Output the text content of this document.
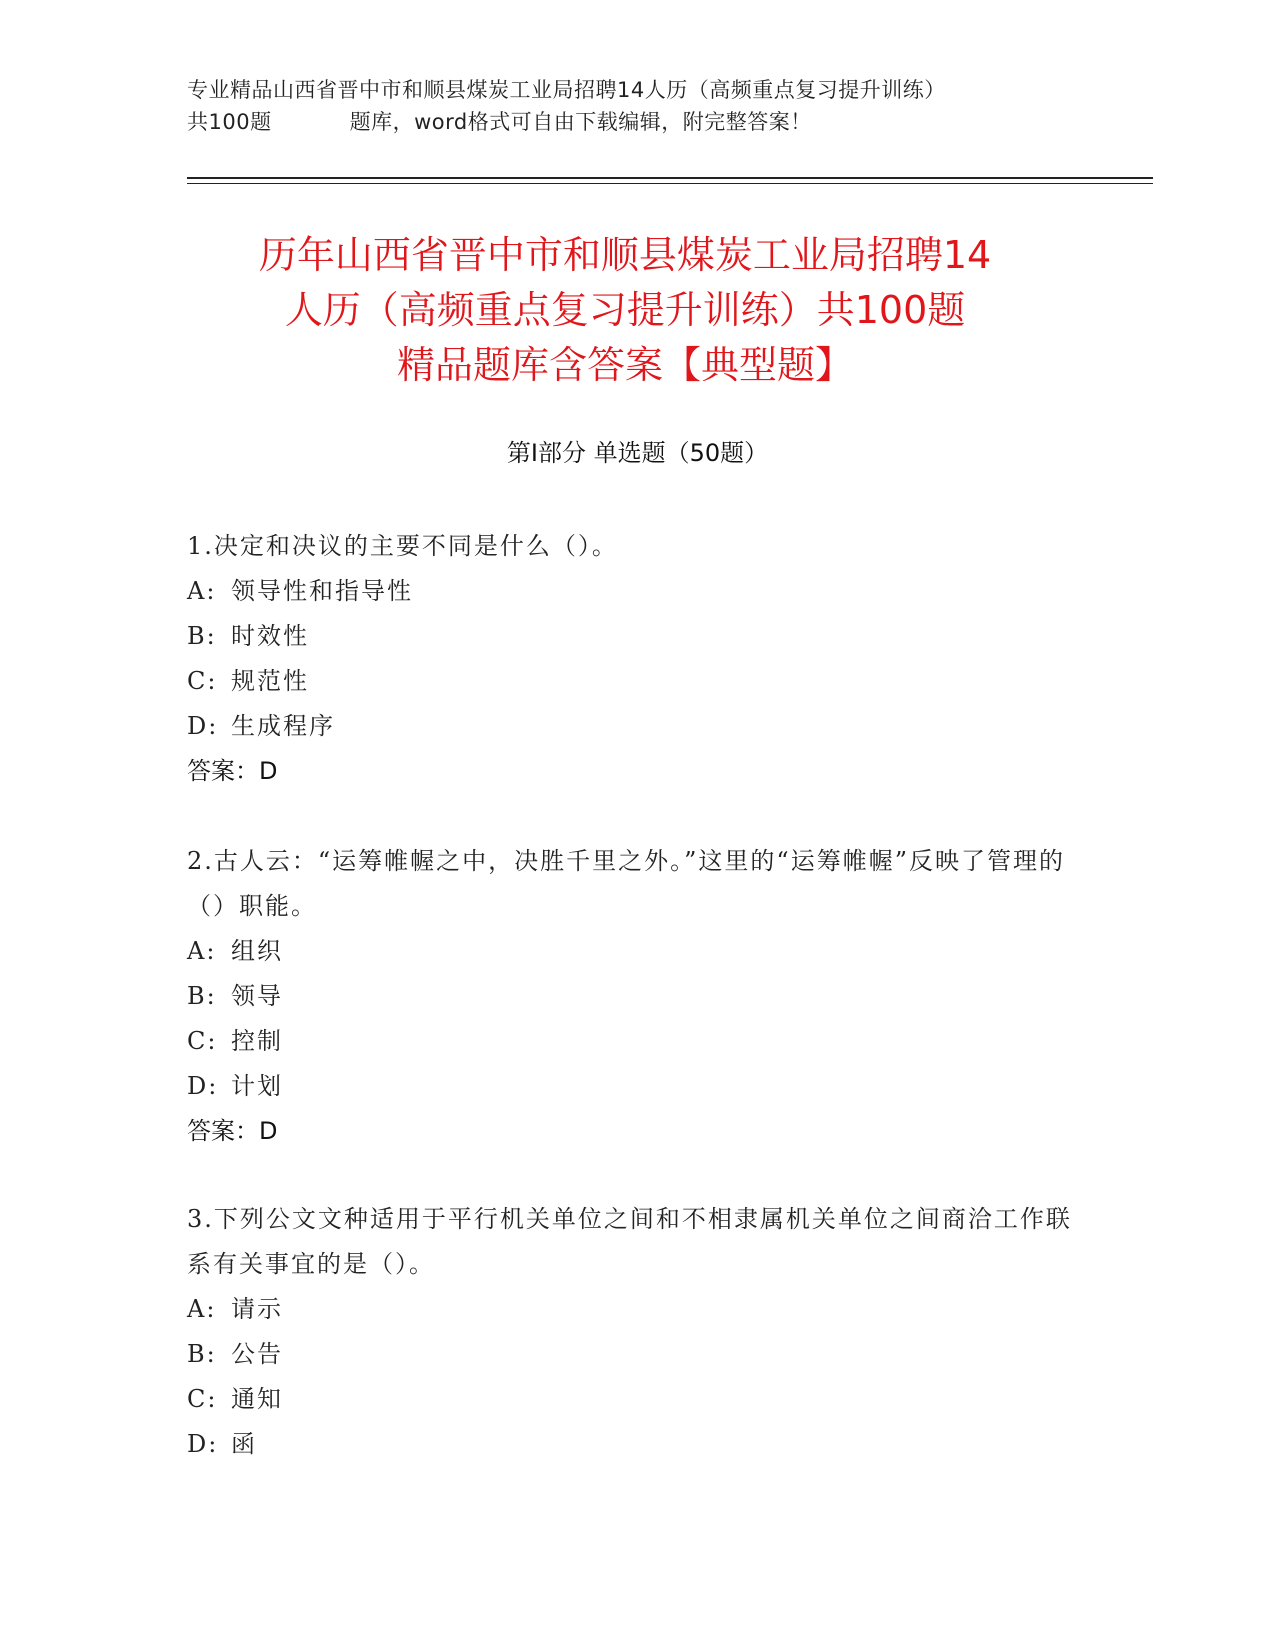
专业精品山西省晋中市和顺县煤炭工业局招聘14人历（高频重点复习提升训练）
共100题	题库，word格式可自由下载编辑，附完整答案！
历年山西省晋中市和顺县煤炭工业局招聘14
人历（高频重点复习提升训练）共100题
精品题库含答案【典型题】
第Ⅰ部分 单选题（50题）
1.决定和决议的主要不同是什么（）。
A: 领导性和指导性
B: 时效性
C: 规范性
D: 生成程序
答案：D
2.古人云：“运筹帷幄之中，决胜千里之外。”这里的“运筹帷幄”反映了管理的（）职能。
A: 组织
B: 领导
C: 控制
D: 计划
答案：D
3.下列公文文种适用于平行机关单位之间和不相隶属机关单位之间商洽工作联系有关事宜的是（）。
A: 请示
B: 公告
C: 通知
D: 函
